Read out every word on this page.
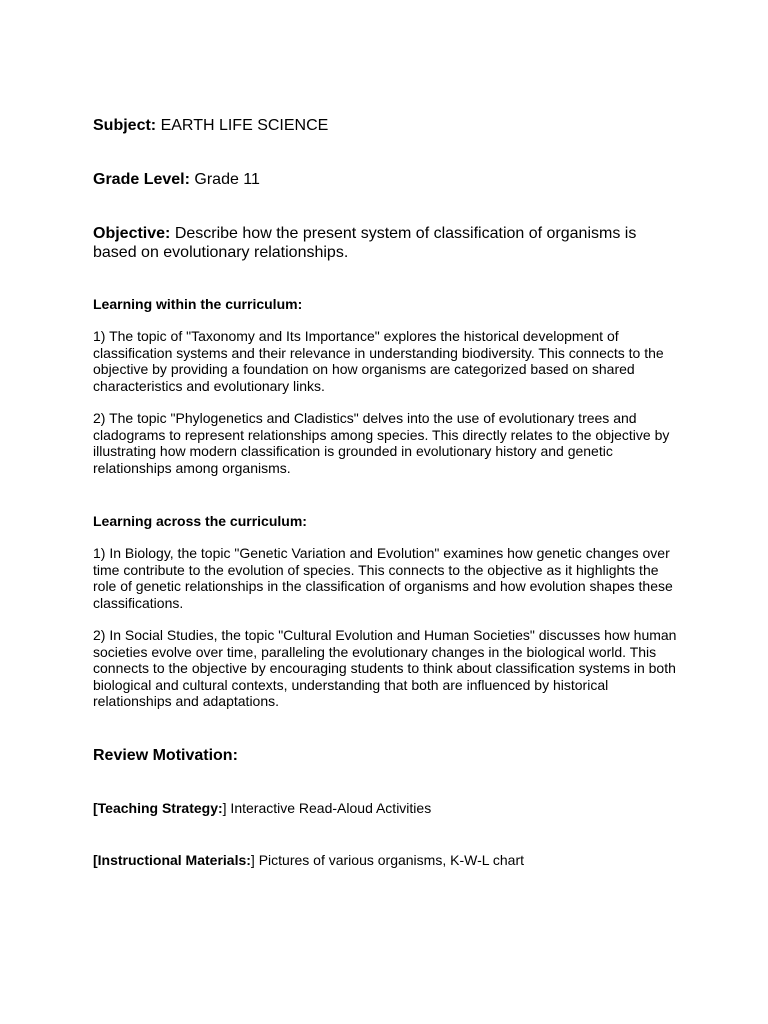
Subject: EARTH LIFE SCIENCE
Grade Level: Grade 11
Objective: Describe how the present system of classification of organisms is based on evolutionary relationships.
Learning within the curriculum:
1) The topic of "Taxonomy and Its Importance" explores the historical development of classification systems and their relevance in understanding biodiversity. This connects to the objective by providing a foundation on how organisms are categorized based on shared characteristics and evolutionary links.
2) The topic "Phylogenetics and Cladistics" delves into the use of evolutionary trees and cladograms to represent relationships among species. This directly relates to the objective by illustrating how modern classification is grounded in evolutionary history and genetic relationships among organisms.
Learning across the curriculum:
1) In Biology, the topic "Genetic Variation and Evolution" examines how genetic changes over time contribute to the evolution of species. This connects to the objective as it highlights the role of genetic relationships in the classification of organisms and how evolution shapes these classifications.
2) In Social Studies, the topic "Cultural Evolution and Human Societies" discusses how human societies evolve over time, paralleling the evolutionary changes in the biological world. This connects to the objective by encouraging students to think about classification systems in both biological and cultural contexts, understanding that both are influenced by historical relationships and adaptations.
Review Motivation:
[Teaching Strategy:] Interactive Read-Aloud Activities
[Instructional Materials:] Pictures of various organisms, K-W-L chart
